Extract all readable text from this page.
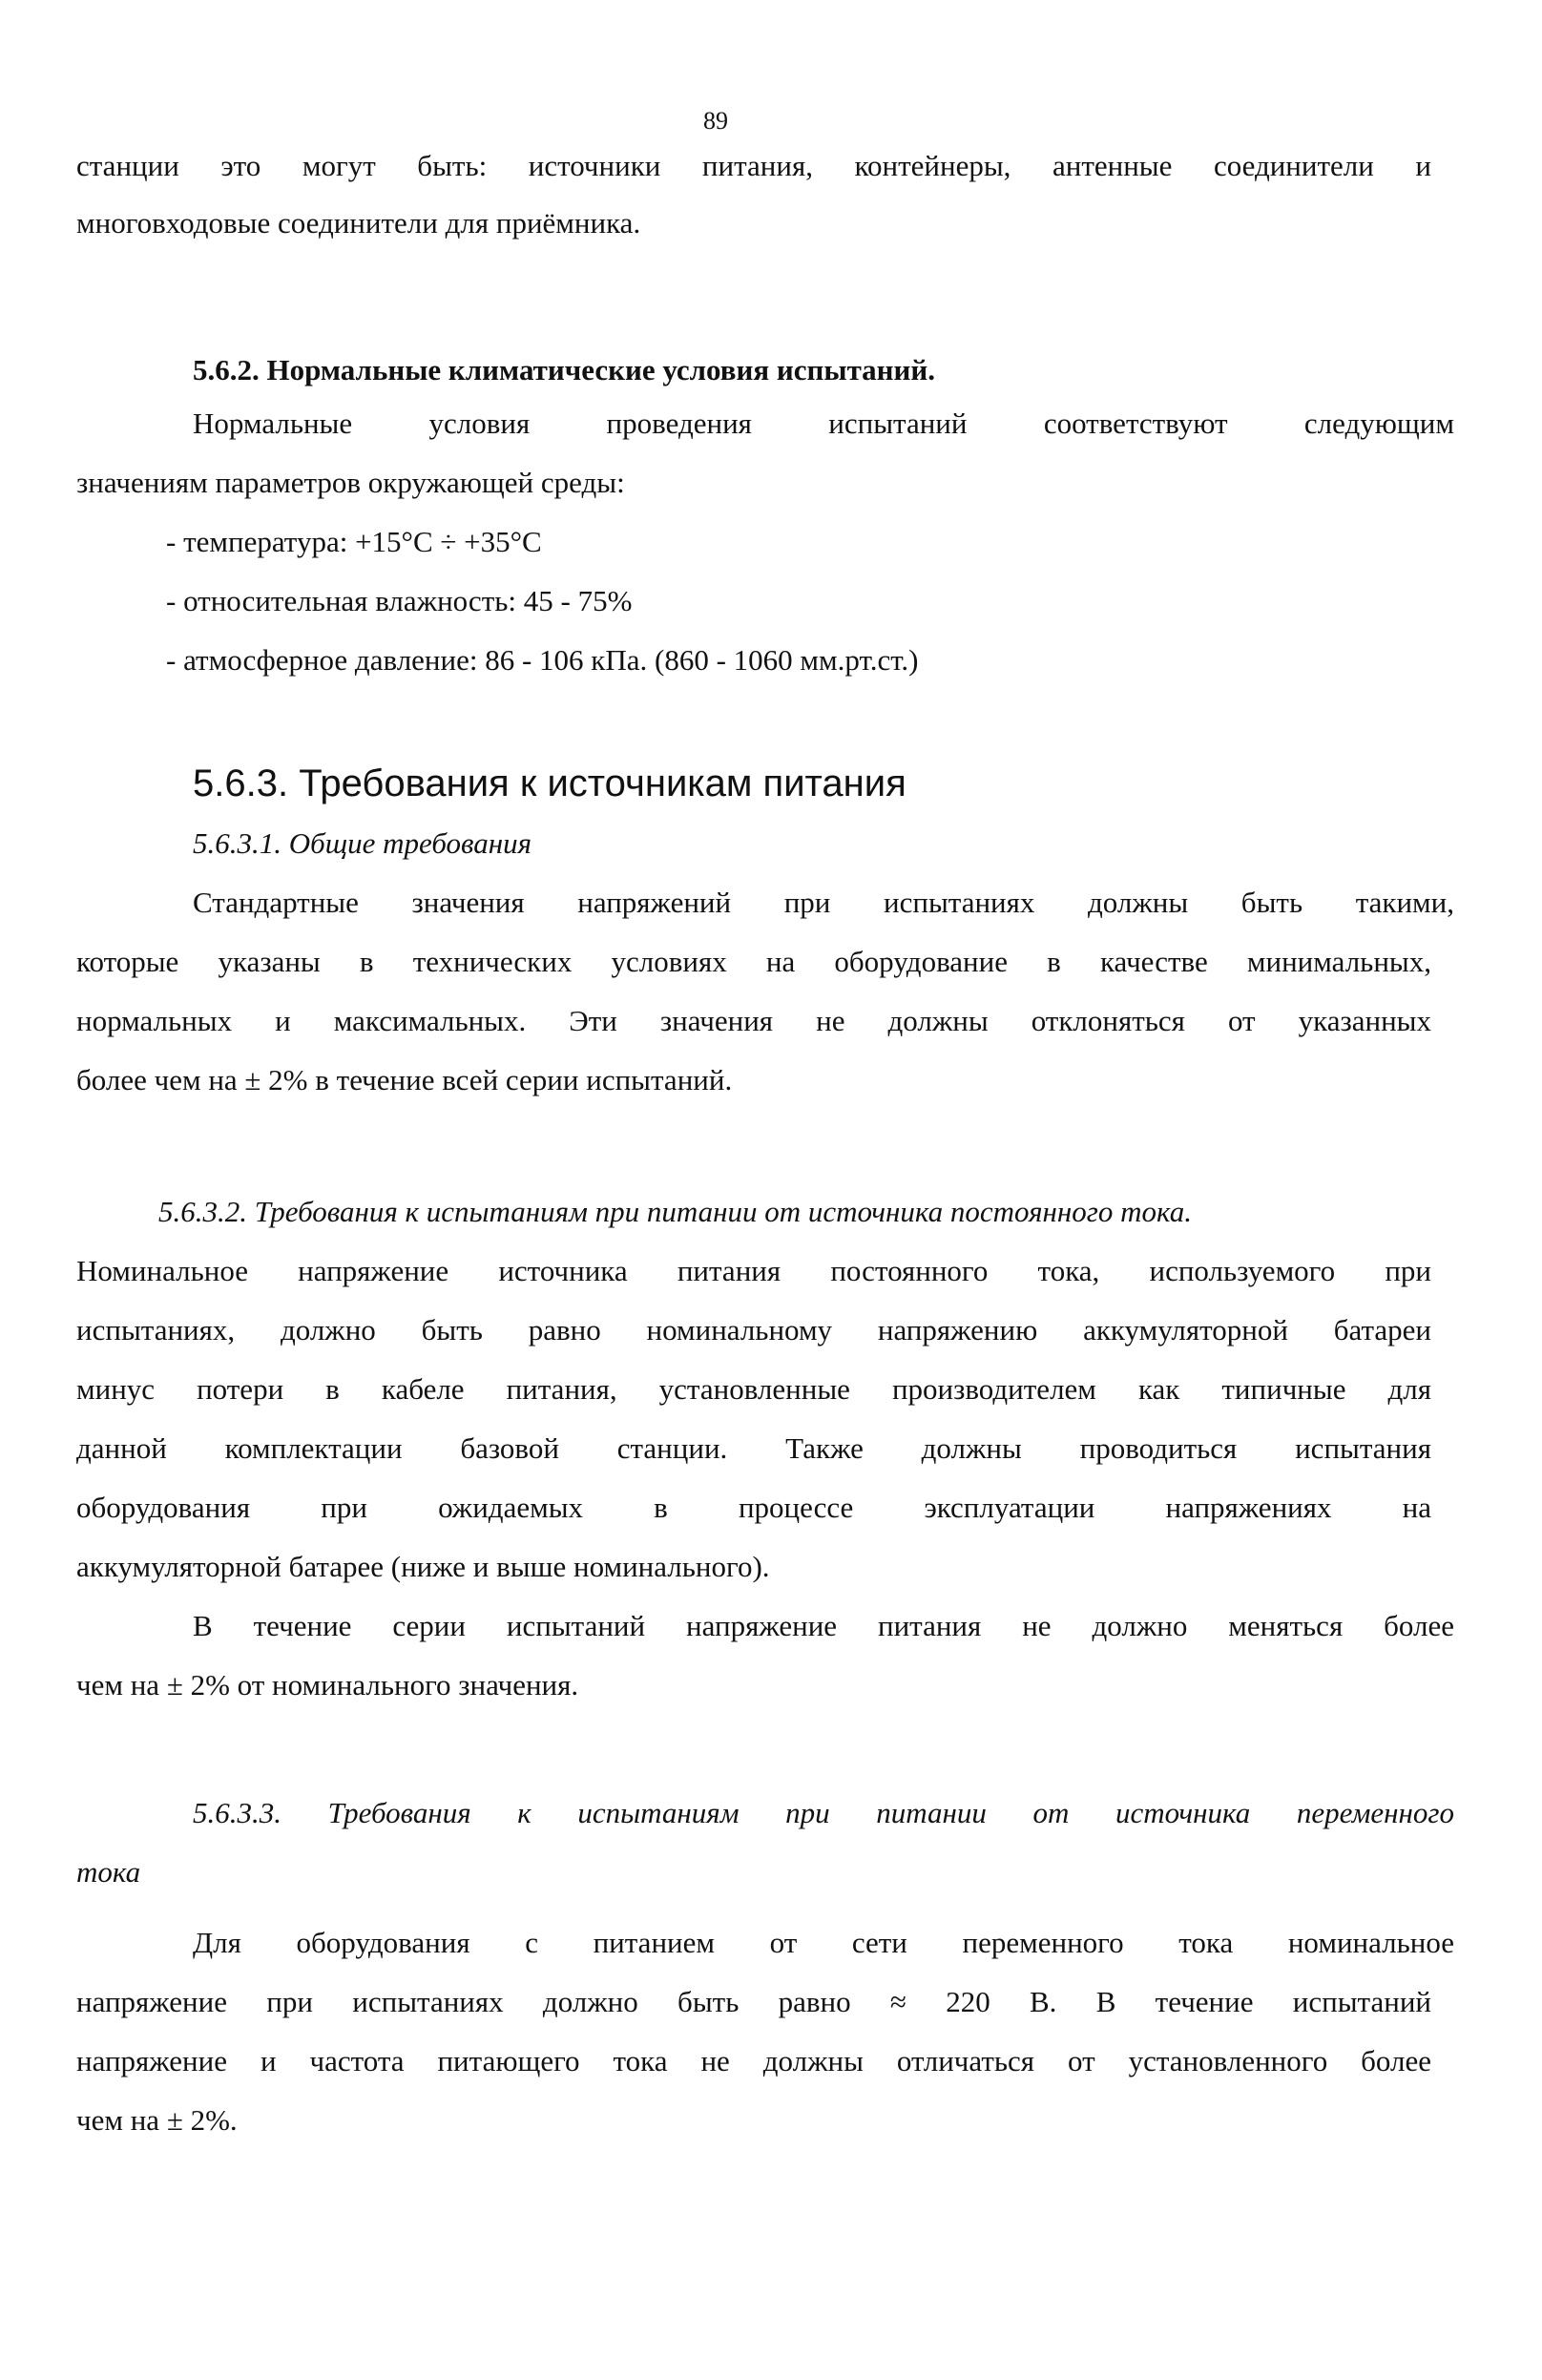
89
станции это могут быть: источники питания, контейнеры, антенные соединители и
многовходовые соединители для приёмника.
5.6.2. Нормальные климатические условия испытаний.
Нормальные условия проведения испытаний соответствуют следующим
значениям параметров окружающей среды:
- температура: +15°С ÷ +35°С
- относительная влажность: 45 - 75%
- атмосферное давление: 86 - 106 кПа. (860 - 1060 мм.рт.ст.)
5.6.3. Требования к источникам питания
5.6.3.1. Общие требования
Стандартные значения напряжений при испытаниях должны быть такими,
которые указаны в технических условиях на оборудование в качестве минимальных,
нормальных и максимальных. Эти значения не должны отклоняться от указанных
более чем на ± 2% в течение всей серии испытаний.
5.6.3.2. Требования к испытаниям при питании от источника постоянного тока.
Номинальное напряжение источника питания постоянного тока, используемого при
испытаниях, должно быть равно номинальному напряжению аккумуляторной батареи
минус потери в кабеле питания, установленные производителем как типичные для
данной комплектации базовой станции. Также должны проводиться испытания
оборудования при ожидаемых в процессе эксплуатации напряжениях на
аккумуляторной батарее (ниже и выше номинального).
В течение серии испытаний напряжение питания не должно меняться более
чем на ± 2% от номинального значения.
5.6.3.3. Требования к испытаниям при питании от источника переменного
тока
Для оборудования с питанием от сети переменного тока номинальное
напряжение при испытаниях должно быть равно ≈ 220 В. В течение испытаний
напряжение и частота питающего тока не должны отличаться от установленного более
чем на ± 2%.
